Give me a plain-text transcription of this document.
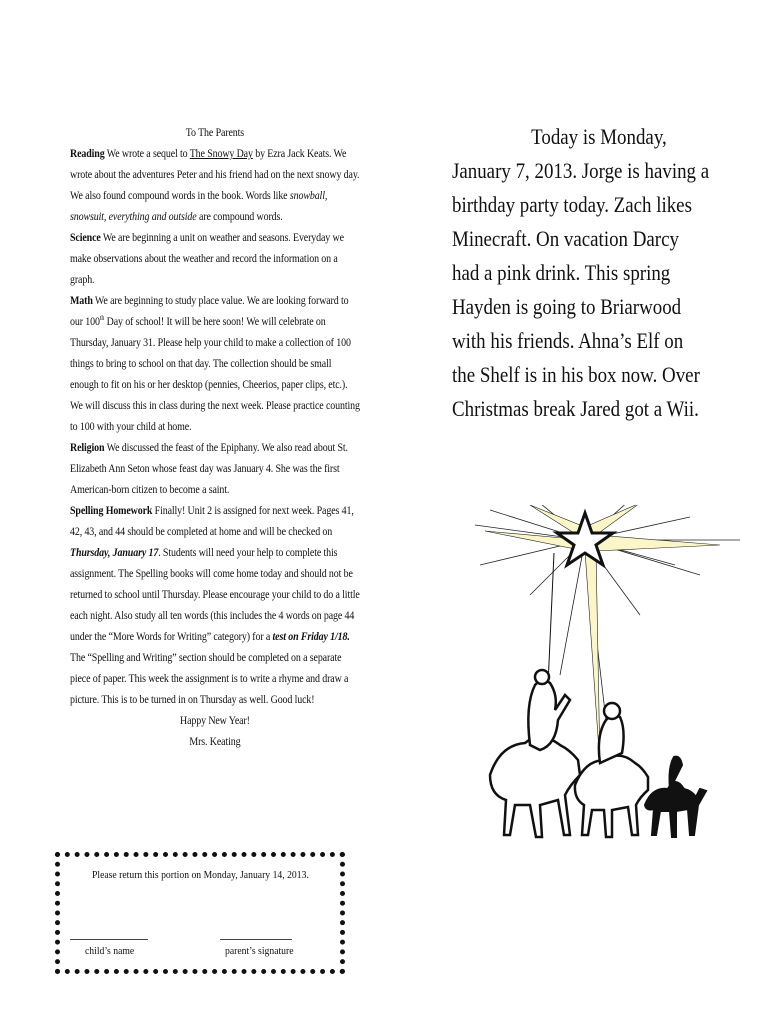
To The Parents

Reading We wrote a sequel to The Snowy Day by Ezra Jack Keats. We wrote about the adventures Peter and his friend had on the next snowy day. We also found compound words in the book. Words like snowball, snowsuit, everything and outside are compound words.

Science We are beginning a unit on weather and seasons. Everyday we make observations about the weather and record the information on a graph.

Math We are beginning to study place value. We are looking forward to our 100th Day of school! It will be here soon! We will celebrate on Thursday, January 31. Please help your child to make a collection of 100 things to bring to school on that day. The collection should be small enough to fit on his or her desktop (pennies, Cheerios, paper clips, etc.). We will discuss this in class during the next week. Please practice counting to 100 with your child at home.

Religion We discussed the feast of the Epiphany. We also read about St. Elizabeth Ann Seton whose feast day was January 4. She was the first American-born citizen to become a saint.

Spelling Homework Finally! Unit 2 is assigned for next week. Pages 41, 42, 43, and 44 should be completed at home and will be checked on Thursday, January 17. Students will need your help to complete this assignment. The Spelling books will come home today and should not be returned to school until Thursday. Please encourage your child to do a little each night. Also study all ten words (this includes the 4 words on page 44 under the “More Words for Writing” category) for a test on Friday 1/18. The “Spelling and Writing” section should be completed on a separate piece of paper. This week the assignment is to write a rhyme and draw a picture. This is to be turned in on Thursday as well. Good luck!

Happy New Year!

Mrs. Keating

Today is Monday,
January 7, 2013. Jorge is having a birthday party today. Zach likes Minecraft. On vacation Darcy had a pink drink. This spring Hayden is going to Briarwood with his friends. Ahna’s Elf on the Shelf is in his box now. Over Christmas break Jared got a Wii.
Please return this portion on Monday, January 14, 2013.
child’s name	parent’s signature
